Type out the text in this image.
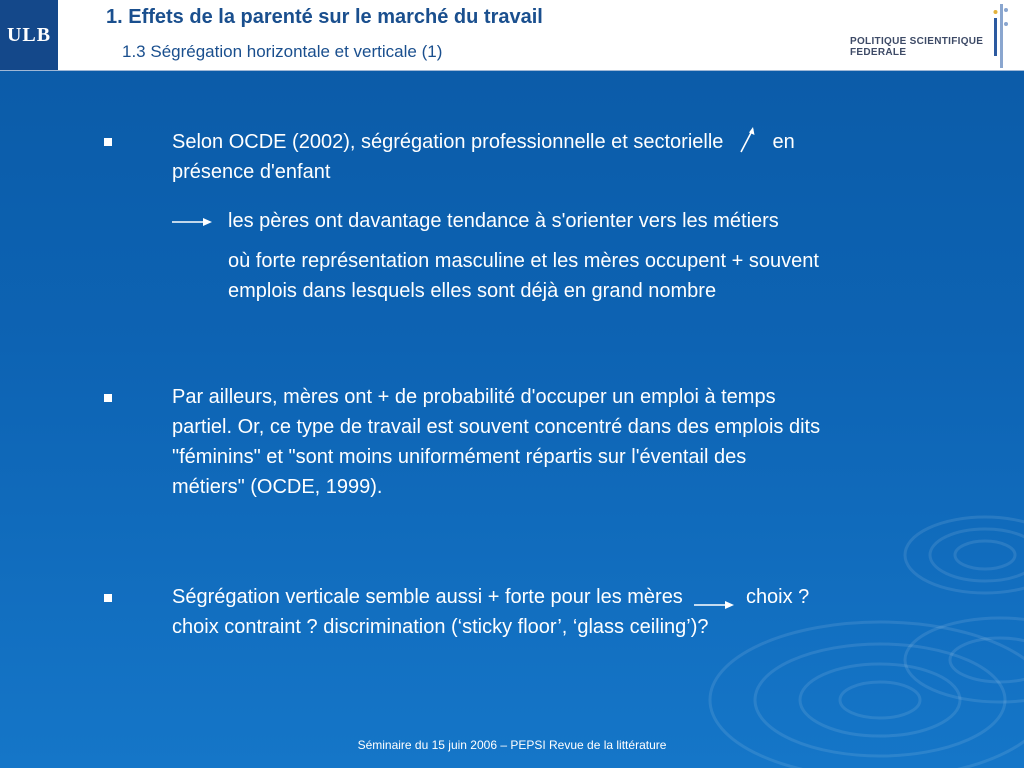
ULB
1. Effets de la parenté sur le marché du travail
1.3 Ségrégation horizontale et verticale (1)
POLITIQUE SCIENTIFIQUE FEDERALE
Selon OCDE (2002), ségrégation professionnelle et sectorielle en
présence d'enfant

les pères ont davantage tendance à s'orienter vers les métiers

où forte représentation masculine et les mères occupent + souvent

emplois dans lesquels elles sont déjà en grand nombre

Par ailleurs, mères ont + de probabilité d'occuper un emploi à temps
partiel. Or, ce type de travail est souvent concentré dans des emplois dits
"féminins" et "sont moins uniformément répartis sur l'éventail des
métiers" (OCDE, 1999).
Ségrégation verticale semble aussi + forte pour les mères	choix ?
choix contraint ? discrimination (‘sticky floor’, ‘glass ceiling’)?

Séminaire du 15 juin 2006 – PEPSI Revue de la littérature
